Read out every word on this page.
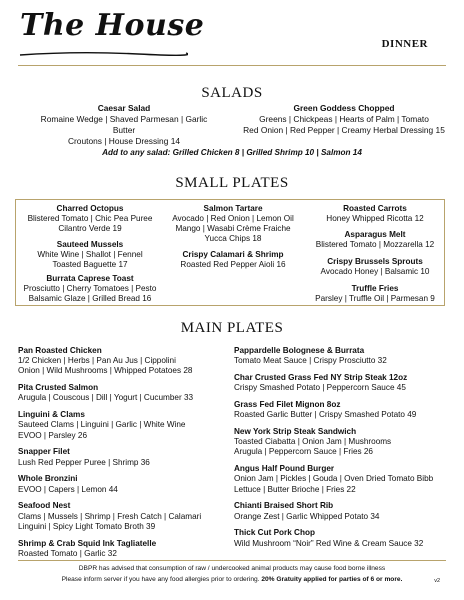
The House
DINNER
SALADS
Caesar Salad
Romaine Wedge | Shaved Parmesan | Garlic Butter
Croutons | House Dressing 14
Green Goddess Chopped
Greens | Chickpeas | Hearts of Palm | Tomato
Red Onion | Red Pepper | Creamy Herbal Dressing 15
Add to any salad: Grilled Chicken 8 | Grilled Shrimp 10 | Salmon 14
SMALL PLATES
Charred Octopus
Blistered Tomato | Chic Pea Puree
Cilantro Verde 19
Sauteed Mussels
White Wine | Shallot | Fennel
Toasted Baguette 17
Burrata Caprese Toast
Prosciutto | Cherry Tomatoes | Pesto
Balsamic Glaze | Grilled Bread 16
Salmon Tartare
Avocado | Red Onion | Lemon Oil
Mango | Wasabi Crème Fraiche
Yucca Chips 18
Crispy Calamari & Shrimp
Roasted Red Pepper Aioli 16
Roasted Carrots
Honey Whipped Ricotta 12
Asparagus Melt
Blistered Tomato | Mozzarella 12
Crispy Brussels Sprouts
Avocado Honey | Balsamic 10
Truffle Fries
Parsley | Truffle Oil | Parmesan 9
MAIN PLATES
Pan Roasted Chicken
1/2 Chicken | Herbs | Pan Au Jus | Cippolini
Onion | Wild Mushrooms | Whipped Potatoes 28
Pita Crusted Salmon
Arugula | Couscous | Dill | Yogurt | Cucumber 33
Linguini & Clams
Sauteed Clams | Linguini | Garlic | White Wine
EVOO | Parsley 26
Snapper Filet
Lush Red Pepper Puree | Shrimp 36
Whole Bronzini
EVOO | Capers | Lemon 44
Seafood Nest
Clams | Mussels | Shrimp | Fresh Catch | Calamari
Linguini | Spicy Light Tomato Broth 39
Shrimp & Crab Squid Ink Tagliatelle
Roasted Tomato | Garlic 32
Pappardelle Bolognese & Burrata
Tomato Meat Sauce | Crispy Prosciutto 32
Char Crusted Grass Fed NY Strip Steak 12oz
Crispy Smashed Potato | Peppercorn Sauce 45
Grass Fed Filet Mignon 8oz
Roasted Garlic Butter | Crispy Smashed Potato 49
New York Strip Steak Sandwich
Toasted Ciabatta | Onion Jam | Mushrooms
Arugula | Peppercorn Sauce | Fries 26
Angus Half Pound Burger
Onion Jam | Pickles | Gouda | Oven Dried Tomato Bibb
Lettuce | Butter Brioche | Fries 22
Chianti Braised Short Rib
Orange Zest | Garlic Whipped Potato 34
Thick Cut Pork Chop
Wild Mushroom “Noir” Red Wine & Cream Sauce 32
DBPR has advised that consumption of raw / undercooked animal products may cause food borne illness
Please inform server if you have any food allergies prior to ordering. 20% Gratuity applied for parties of 6 or more.	v2
